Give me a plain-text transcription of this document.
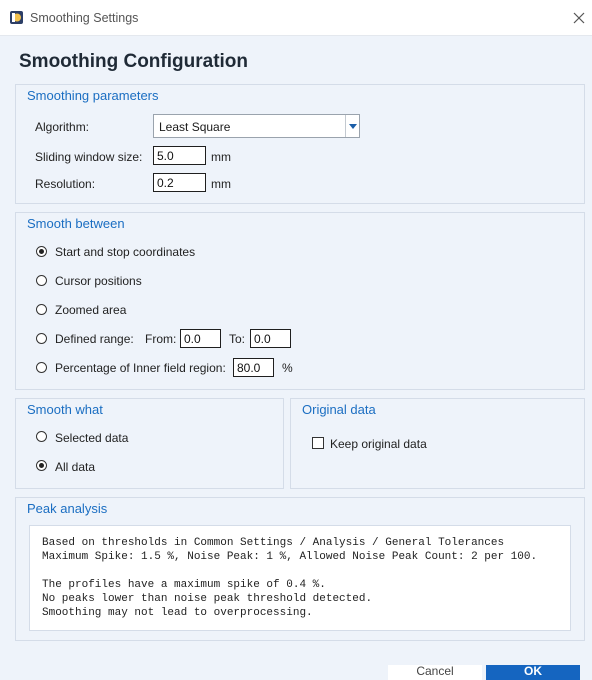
Smoothing Settings
Smoothing Configuration
Smoothing parameters
Algorithm:	Least Square
Sliding window size:
5.0	mm
Resolution:
0.2	mm
Smooth between
Start and stop coordinates
Cursor positions
Zoomed area
Defined range: From:
0.0	To:
0.0
Percentage of Inner field region:
80.0	%
Smooth what
Selected data
All data
Original data
Keep original data
Peak analysis
Based on thresholds in Common Settings / Analysis / General Tolerances
Maximum Spike: 1.5 %, Noise Peak: 1 %, Allowed Noise Peak Count: 2 per 100.

The profiles have a maximum spike of 0.4 %.
No peaks lower than noise peak threshold detected.
Smoothing may not lead to overprocessing.
Cancel	OK
